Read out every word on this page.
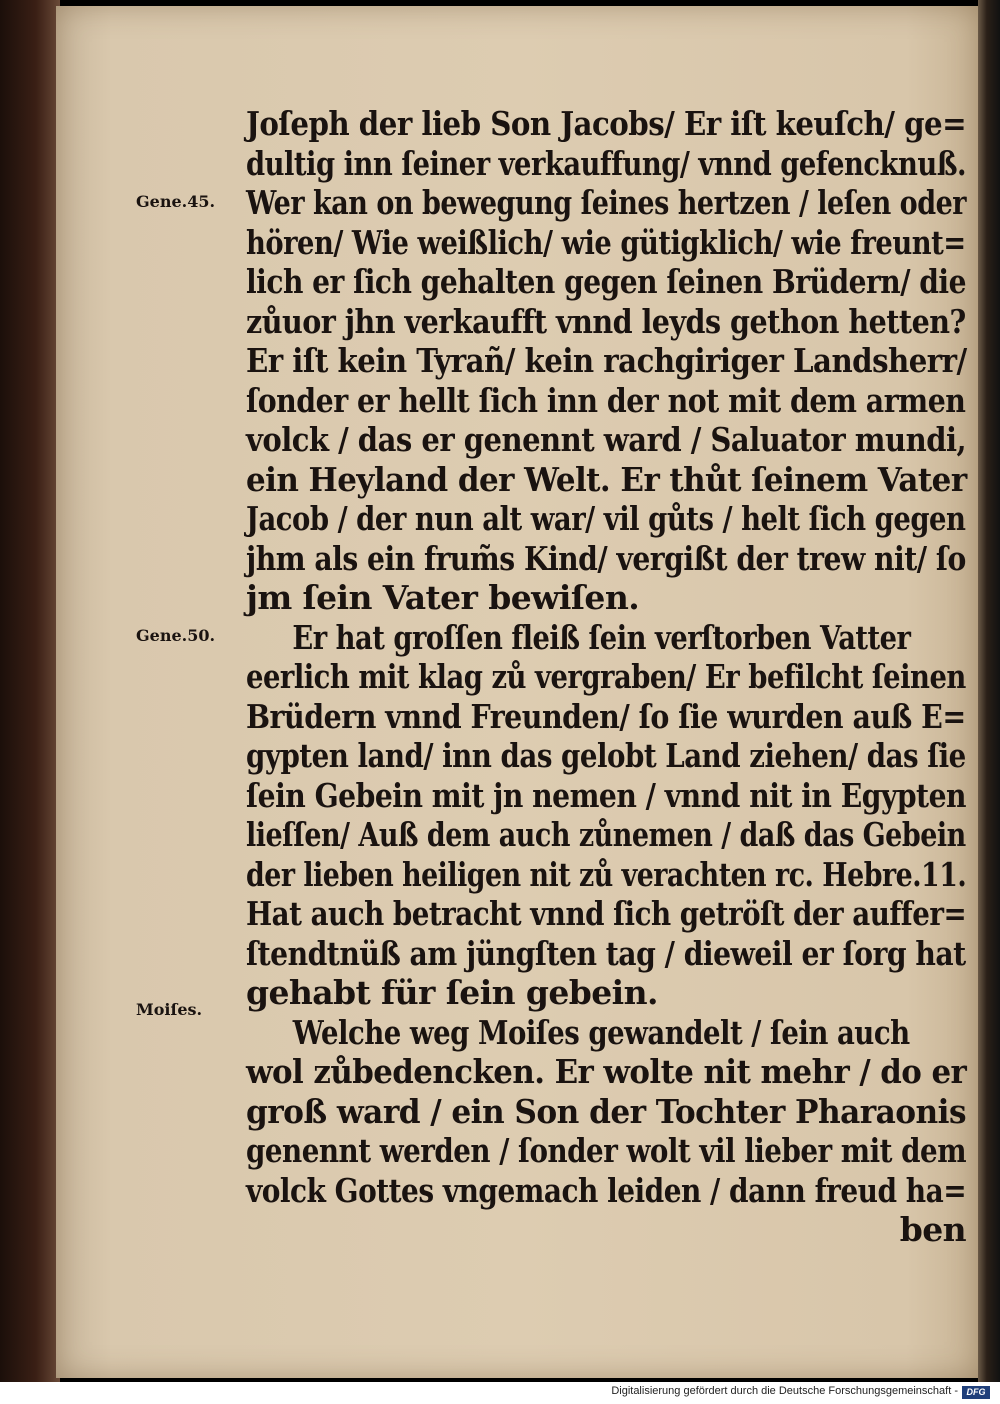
Gene.45.
Gene.50.
Moiſes.
Joſeph der lieb Son Jacobs/ Er iſt keuſch/ ge=
dultig inn ſeiner verkauffung/ vnnd gefencknuß.
Wer kan on bewegung ſeines hertzen / leſen oder
hören/ Wie weißlich/ wie gütigklich/ wie freunt=
lich er ſich gehalten gegen ſeinen Brüdern/ die
zůuor jhn verkaufft vnnd leyds gethon hetten?
Er iſt kein Tyrañ/ kein rachgiriger Landsherr/
ſonder er hellt ſich inn der not mit dem armen
volck / das er genennt ward / Saluator mundi,
ein Heyland der Welt. Er thůt ſeinem Vater
Jacob / der nun alt war/ vil gůts / helt ſich gegen
jhm als ein frum̃s Kind/ vergißt der trew nit/ ſo
jm ſein Vater bewiſen.
Er hat groſſen fleiß ſein verſtorben Vatter
eerlich mit klag zů vergraben/ Er befilcht ſeinen
Brüdern vnnd Freunden/ ſo ſie wurden auß E=
gypten land/ inn das gelobt Land ziehen/ das ſie
ſein Gebein mit jn nemen / vnnd nit in Egypten
lieſſen/ Auß dem auch zůnemen / daß das Gebein
der lieben heiligen nit zů verachten rc. Hebre.11.
Hat auch betracht vnnd ſich getröſt der auffer=
ſtendtnüß am jüngſten tag / dieweil er ſorg hat
gehabt für ſein gebein.
Welche weg Moiſes gewandelt / ſein auch
wol zůbedencken. Er wolte nit mehr / do er
groß ward / ein Son der Tochter Pharaonis
genennt werden / ſonder wolt vil lieber mit dem
volck Gottes vngemach leiden / dann freud ha=
ben
Digitalisierung gefördert durch die Deutsche Forschungsgemeinschaft - DFG
